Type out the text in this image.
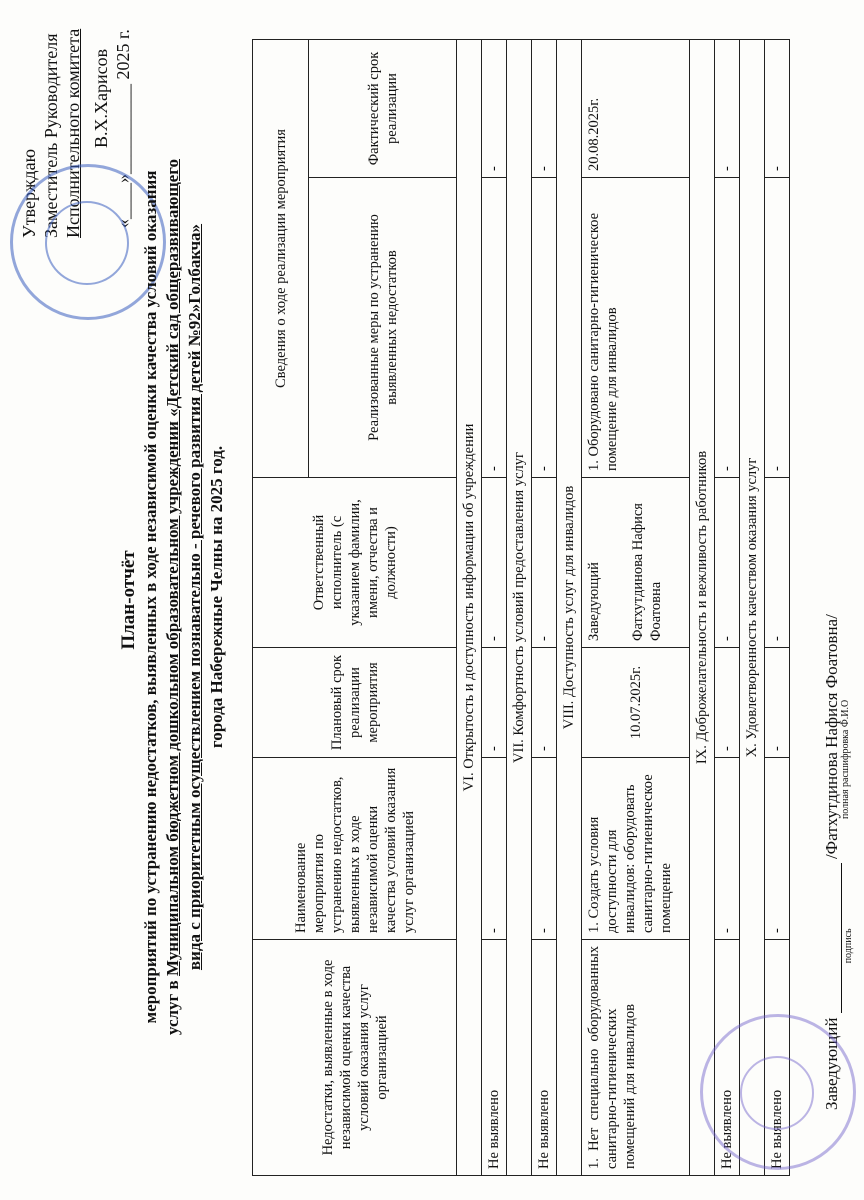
Утверждаю Заместитель Руководителя Исполнительного комитета В.Х.Харисов «____»__________ 2025 г.
План-отчёт мероприятий по устранению недостатков, выявленных в ходе независимой оценки качества условий оказания услуг в Муниципальном бюджетном дошкольном образовательном учреждении «Детский сад общеразвивающего вида с приоритетным осуществлением познавательно - речевого развития детей №92»Голбакча» города Набережные Челны на 2025 год.
Недостатки, выявленные в ходе независимой оценки качества условий оказания услуг организацией	Наименование мероприятия по устранению недостатков, выявленных в ходе независимой оценки качества условий оказания услуг организацией	Плановый срок реализации мероприятия	Ответственный исполнитель (с указанием фамилии, имени, отчества и должности)	Сведения о ходе реализации мероприятия	
				Реализованные меры по устранению выявленных недостатков	Фактический срок реализации
VI. Открытость и доступность информации об учреждении					
Не выявлено	-	-	-	-	-
VII. Комфортность условий предоставления услуг					
Не выявлено	-	-	-	-	-
VIII. Доступность услуг для инвалидов					
1. Нет специально оборудованных санитарно-гигиенических помещений для инвалидов	1. Создать условия доступности для инвалидов: оборудовать санитарно-гигиеническое помещение	10.07.2025г.	Заведующий Фатхутдинова Нафися Фоатовна	1. Оборудовано санитарно-гигиеническое помещение для инвалидов	20.08.2025г.
IX. Доброжелательность и вежливость работников					
Не выявлено	-	-	-	-	-
X. Удовлетворенность качеством оказания услуг					
Не выявлено	-	-	-	-	-
Заведующий
подпись
/Фатхутдинова Нафися Фоатовна/ полная расшифровка Ф.И.О
